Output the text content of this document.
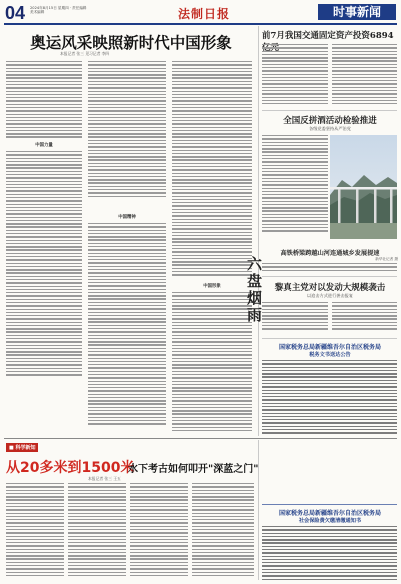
04 2024年8月15日 星期四 · 责任编辑 美术编辑	法制日报	时事新闻
奥运风采映照新时代中国形象
本报记者 张三 见习记者 李四
中国力量
中国精神
中国形象
前7月我国交通固定资产投资6894
全国反拼酒活动检验推进
各级党委坚持从严治党
高铁桥梁跨越山河连通城乡发展提速
新华社记者 摄
黎真主党对以发动大规模袭击
以追击方式进行袭击报复
六盘烟雨
国家税务总局新疆维吾尔自治区税务局
税务文书送达公告
■ 科学新知
从20多米到1500米
水下考古如何叩开"深蓝之门"
本报记者 张三 王五
国家税务总局新疆维吾尔自治区税务局
社会保险费欠缴清缴通知书
